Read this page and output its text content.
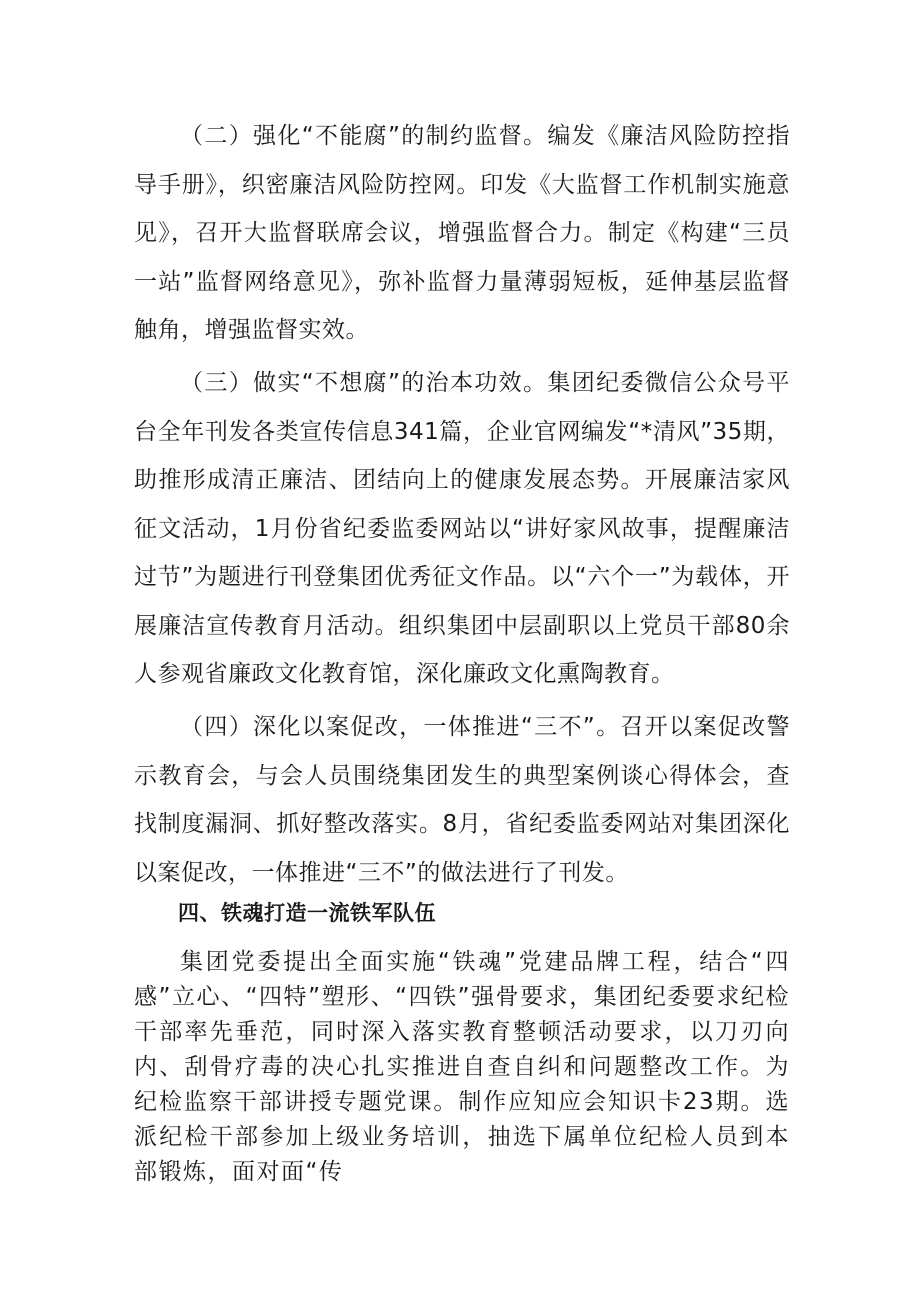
（二）强化“不能腐”的制约监督。编发《廉洁风险防控指导手册》，织密廉洁风险防控网。印发《大监督工作机制实施意见》，召开大监督联席会议，增强监督合力。制定《构建“三员一站”监督网络意见》，弥补监督力量薄弱短板，延伸基层监督触角，增强监督实效。

（三）做实“不想腐”的治本功效。集团纪委微信公众号平台全年刊发各类宣传信息341篇，企业官网编发“*清风”35期，助推形成清正廉洁、团结向上的健康发展态势。开展廉洁家风征文活动，1月份省纪委监委网站以“讲好家风故事，提醒廉洁过节”为题进行刊登集团优秀征文作品。以“六个一”为载体，开展廉洁宣传教育月活动。组织集团中层副职以上党员干部80余人参观省廉政文化教育馆，深化廉政文化熏陶教育。

（四）深化以案促改，一体推进“三不”。召开以案促改警示教育会，与会人员围绕集团发生的典型案例谈心得体会，查找制度漏洞、抓好整改落实。8月，省纪委监委网站对集团深化以案促改，一体推进“三不”的做法进行了刊发。

四、铁魂打造一流铁军队伍

集团党委提出全面实施“铁魂”党建品牌工程，结合“四感”立心、“四特”塑形、“四铁”强骨要求，集团纪委要求纪检干部率先垂范，同时深入落实教育整顿活动要求，以刀刃向内、刮骨疗毒的决心扎实推进自查自纠和问题整改工作。为纪检监察干部讲授专题党课。制作应知应会知识卡23期。选派纪检干部参加上级业务培训，抽选下属单位纪检人员到本部锻炼，面对面“传
